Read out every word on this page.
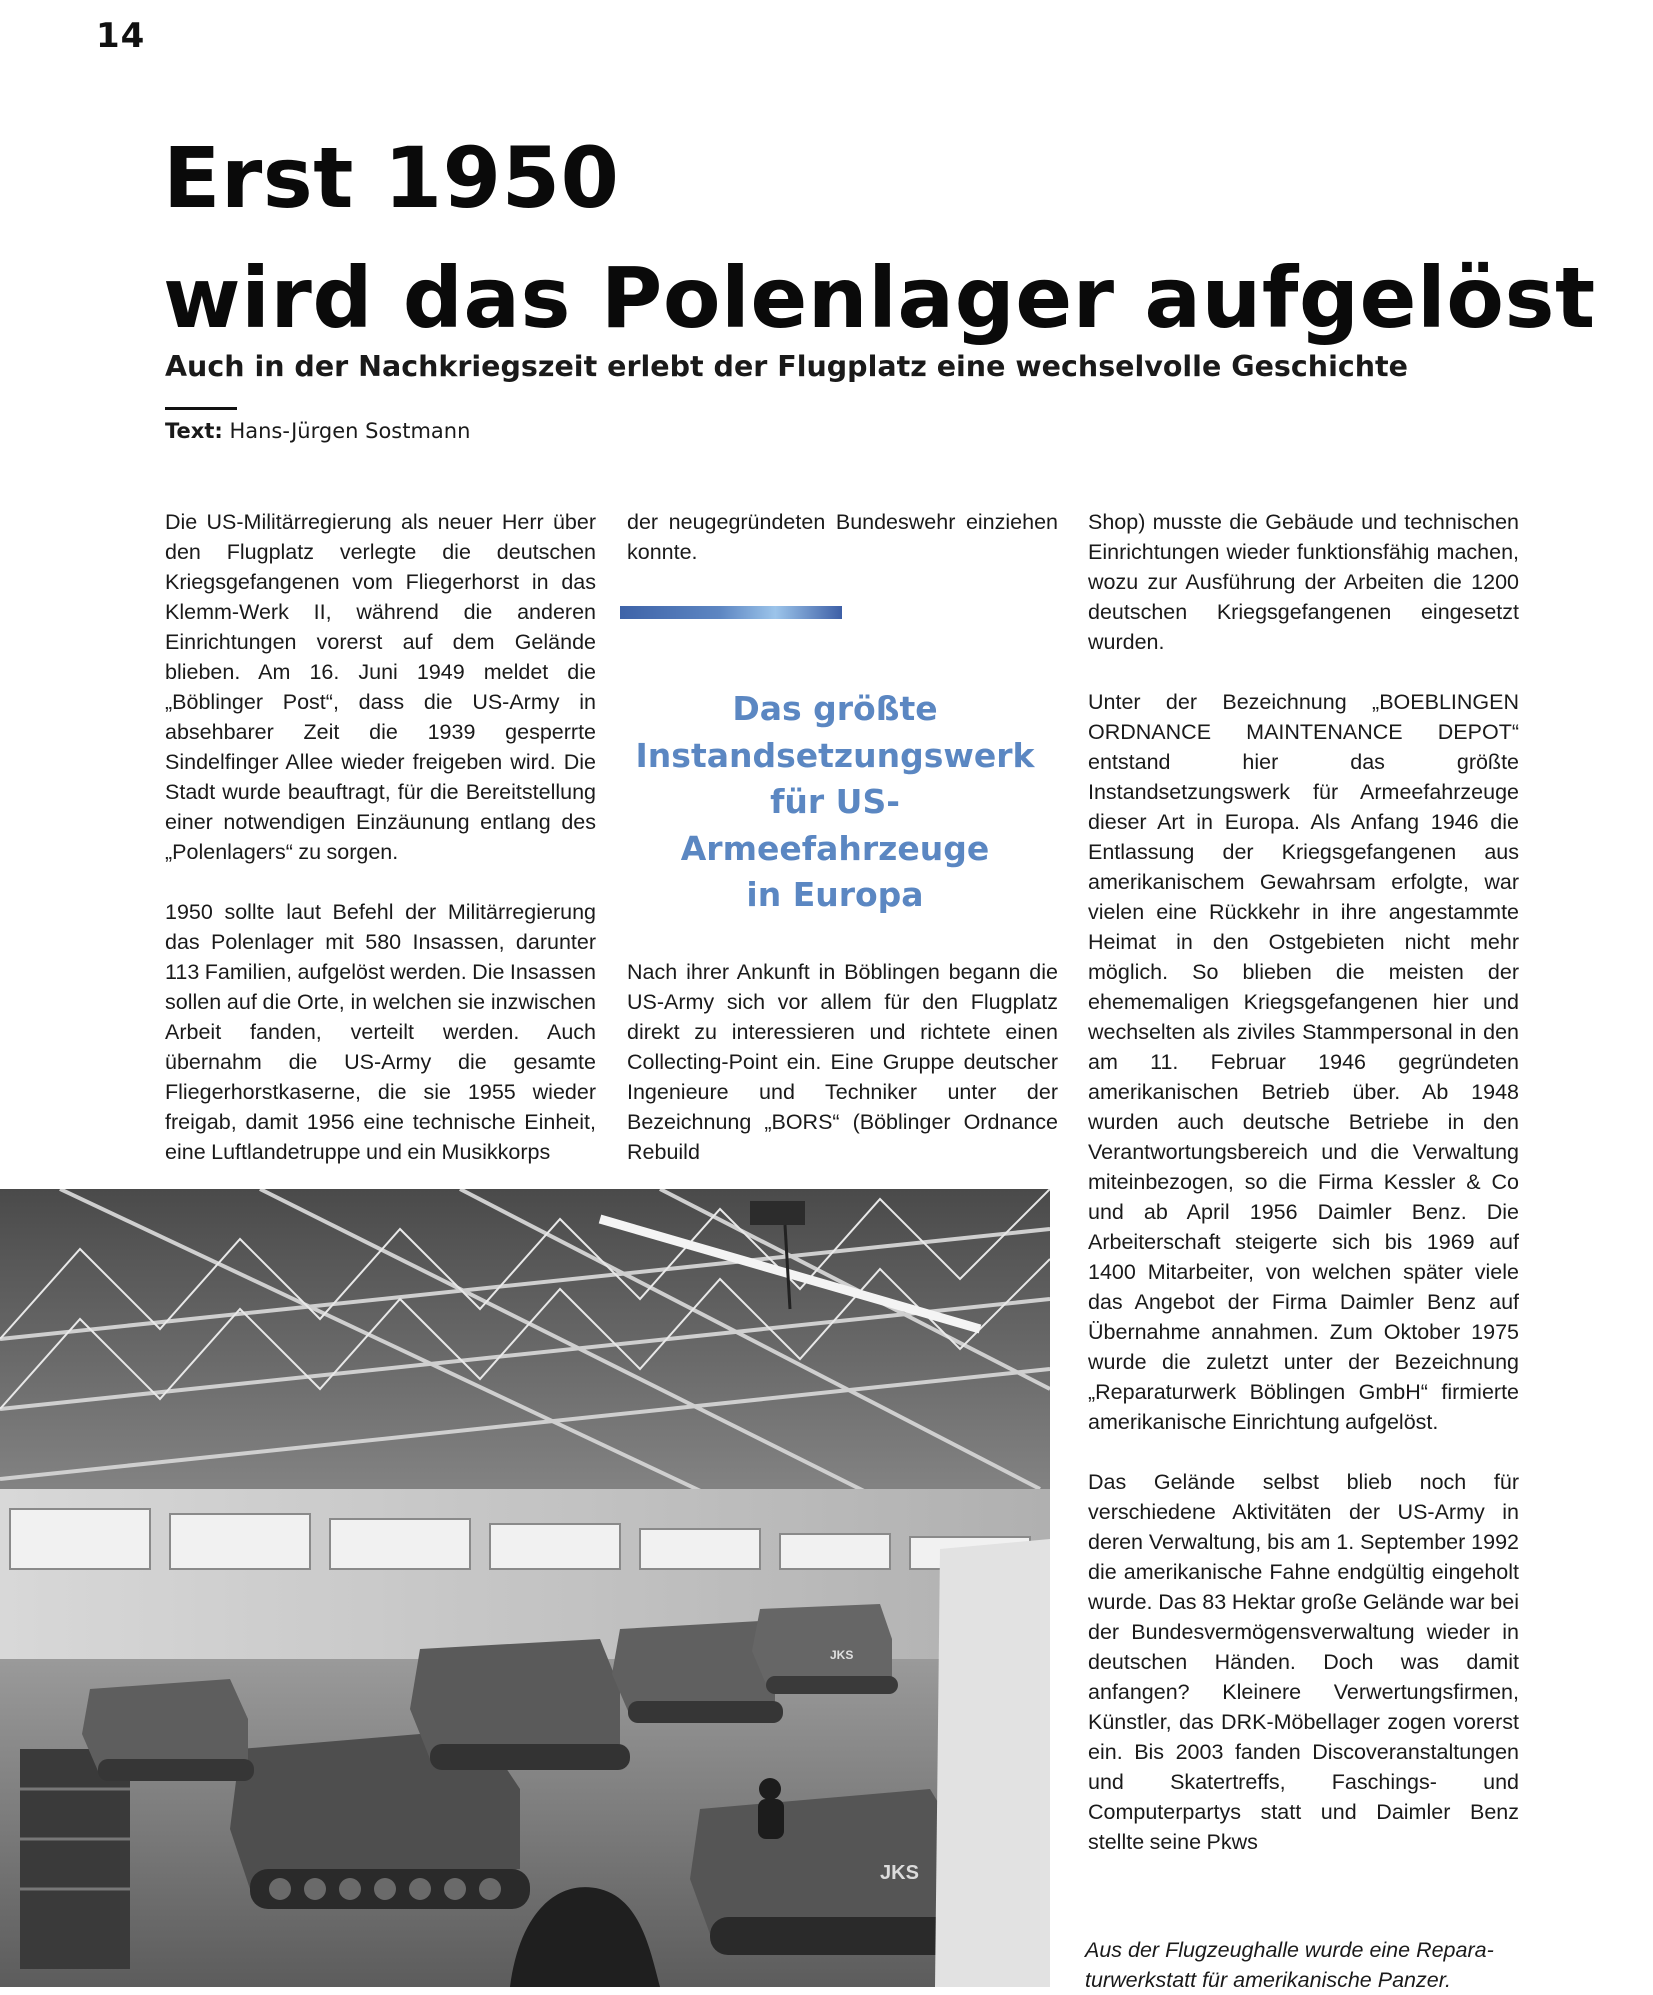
14
Erst 1950
wird das Polenlager aufgelöst
Auch in der Nachkriegszeit erlebt der Flugplatz eine wechselvolle Geschichte
Text: Hans-Jürgen Sostmann

Die US-Militärregierung als neuer Herr über den Flugplatz verlegte die deutschen Kriegsgefangenen vom Fliegerhorst in das Klemm-Werk II, während die anderen Einrichtungen vorerst auf dem Gelände blieben. Am 16. Juni 1949 meldet die „Böblinger Post“, dass die US-Army in absehbarer Zeit die 1939 gesperrte Sindelfinger Allee wieder freigeben wird. Die Stadt wurde beauftragt, für die Bereitstellung einer notwendigen Einzäunung entlang des „Polenlagers“ zu sorgen.

1950 sollte laut Befehl der Militärregierung das Polenlager mit 580 Insassen, darunter 113 Familien, aufgelöst werden. Die Insassen sollen auf die Orte, in welchen sie inzwischen Arbeit fanden, verteilt werden. Auch übernahm die US-Army die gesamte Fliegerhorstkaserne, die sie 1955 wieder freigab, damit 1956 eine technische Einheit, eine Luftlandetruppe und ein Musikkorps

der neugegründeten Bundeswehr einziehen konnte.

Das größte
Instandsetzungswerk
für US-Armeefahrzeuge
in Europa

Nach ihrer Ankunft in Böblingen begann die US-Army sich vor allem für den Flugplatz direkt zu interessieren und richtete einen Collecting-Point ein. Eine Gruppe deutscher Ingenieure und Techniker unter der Bezeichnung „BORS“ (Böblinger Ordnance Rebuild

Shop) musste die Gebäude und technischen Einrichtungen wieder funktionsfähig machen, wozu zur Ausführung der Arbeiten die 1200 deutschen Kriegsgefangenen eingesetzt wurden.

Unter der Bezeichnung „BOEBLINGEN ORDNANCE MAINTENANCE DEPOT“ entstand hier das größte Instandsetzungswerk für Armeefahrzeuge dieser Art in Europa. Als Anfang 1946 die Entlassung der Kriegsgefangenen aus amerikanischem Gewahrsam erfolgte, war vielen eine Rückkehr in ihre angestammte Heimat in den Ostgebieten nicht mehr möglich. So blieben die meisten der ehememaligen Kriegsgefangenen hier und wechselten als ziviles Stammpersonal in den am 11. Februar 1946 gegründeten amerikanischen Betrieb über. Ab 1948 wurden auch deutsche Betriebe in den Verantwortungsbereich und die Verwaltung miteinbezogen, so die Firma Kessler & Co und ab April 1956 Daimler Benz. Die Arbeiterschaft steigerte sich bis 1969 auf 1400 Mitarbeiter, von welchen später viele das Angebot der Firma Daimler Benz auf Übernahme annahmen. Zum Oktober 1975 wurde die zuletzt unter der Bezeichnung „Reparaturwerk Böblingen GmbH“ firmierte amerikanische Einrichtung aufgelöst.

Das Gelände selbst blieb noch für verschiedene Aktivitäten der US-Army in deren Verwaltung, bis am 1. September 1992 die amerikanische Fahne endgültig eingeholt wurde. Das 83 Hektar große Gelände war bei der Bundesvermögensverwaltung wieder in deutschen Händen. Doch was damit anfangen? Kleinere Verwertungsfirmen, Künstler, das DRK-Möbellager zogen vorerst ein. Bis 2003 fanden Discoveranstaltungen und Skatertreffs, Faschings- und Computerpartys statt und Daimler Benz stellte seine Pkws

JKS
JKS
Aus der Flugzeughalle wurde eine Repara-
turwerkstatt für amerikanische Panzer.
